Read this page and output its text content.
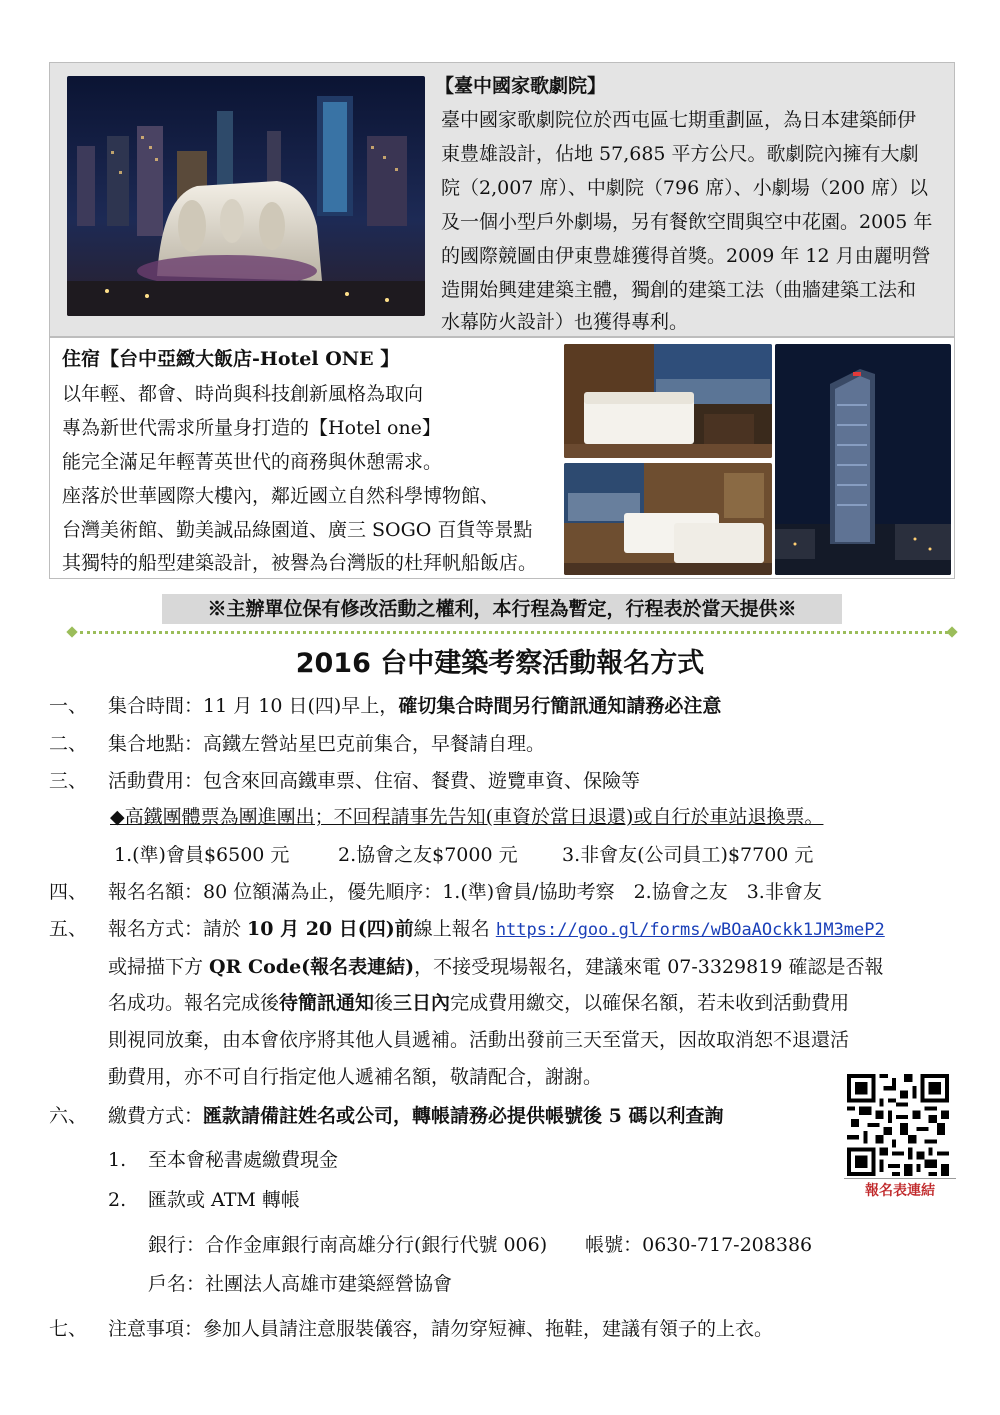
【臺中國家歌劇院】
臺中國家歌劇院位於西屯區七期重劃區，為日本建築師伊
東豊雄設計，佔地 57,685 平方公尺。歌劇院內擁有大劇
院（2,007 席）、中劇院（796 席）、小劇場（200 席）以
及一個小型戶外劇場，另有餐飲空間與空中花園。2005 年
的國際競圖由伊東豊雄獲得首獎。2009 年 12 月由麗明營
造開始興建建築主體，獨創的建築工法（曲牆建築工法和
水幕防火設計）也獲得專利。
住宿【台中亞緻大飯店-Hotel ONE 】
以年輕、都會、時尚與科技創新風格為取向
專為新世代需求所量身打造的【Hotel one】
能完全滿足年輕菁英世代的商務與休憩需求。
座落於世華國際大樓內，鄰近國立自然科學博物館、
台灣美術館、勤美誠品綠園道、廣三 SOGO 百貨等景點
其獨特的船型建築設計，被譽為台灣版的杜拜帆船飯店。
※主辦單位保有修改活動之權利，本行程為暫定，行程表於當天提供※
2016 台中建築考察活動報名方式
一、	集合時間：11 月 10 日(四)早上，確切集合時間另行簡訊通知請務必注意
二、	集合地點：高鐵左營站星巴克前集合，早餐請自理。
三、	活動費用：包含來回高鐵車票、住宿、餐費、遊覽車資、保險等
◆高鐵團體票為團進團出；不回程請事先告知(車資於當日退還)或自行於車站退換票。
1.(準)會員$6500 元	2.協會之友$7000 元 3.非會友(公司員工)$7700 元
四、	報名名額：80 位額滿為止，優先順序：1.(準)會員/協助考察　2.協會之友　3.非會友
五、	報名方式：請於 10 月 20 日(四)前線上報名 https://goo.gl/forms/wBOaAOckk1JM3meP2
或掃描下方 QR Code(報名表連結)，不接受現場報名，建議來電 07-3329819 確認是否報
名成功。報名完成後待簡訊通知後三日內完成費用繳交，以確保名額，若未收到活動費用
則視同放棄，由本會依序將其他人員遞補。活動出發前三天至當天，因故取消恕不退還活
動費用，亦不可自行指定他人遞補名額，敬請配合，謝謝。
報名表連結
六、	繳費方式：匯款請備註姓名或公司，轉帳請務必提供帳號後 5 碼以利查詢
1. 至本會秘書處繳費現金
2. 匯款或 ATM 轉帳
銀行：合作金庫銀行南高雄分行(銀行代號 006)　　帳號：0630-717-208386
戶名：社團法人高雄市建築經營協會
七、	注意事項：參加人員請注意服裝儀容，請勿穿短褲、拖鞋，建議有領子的上衣。
